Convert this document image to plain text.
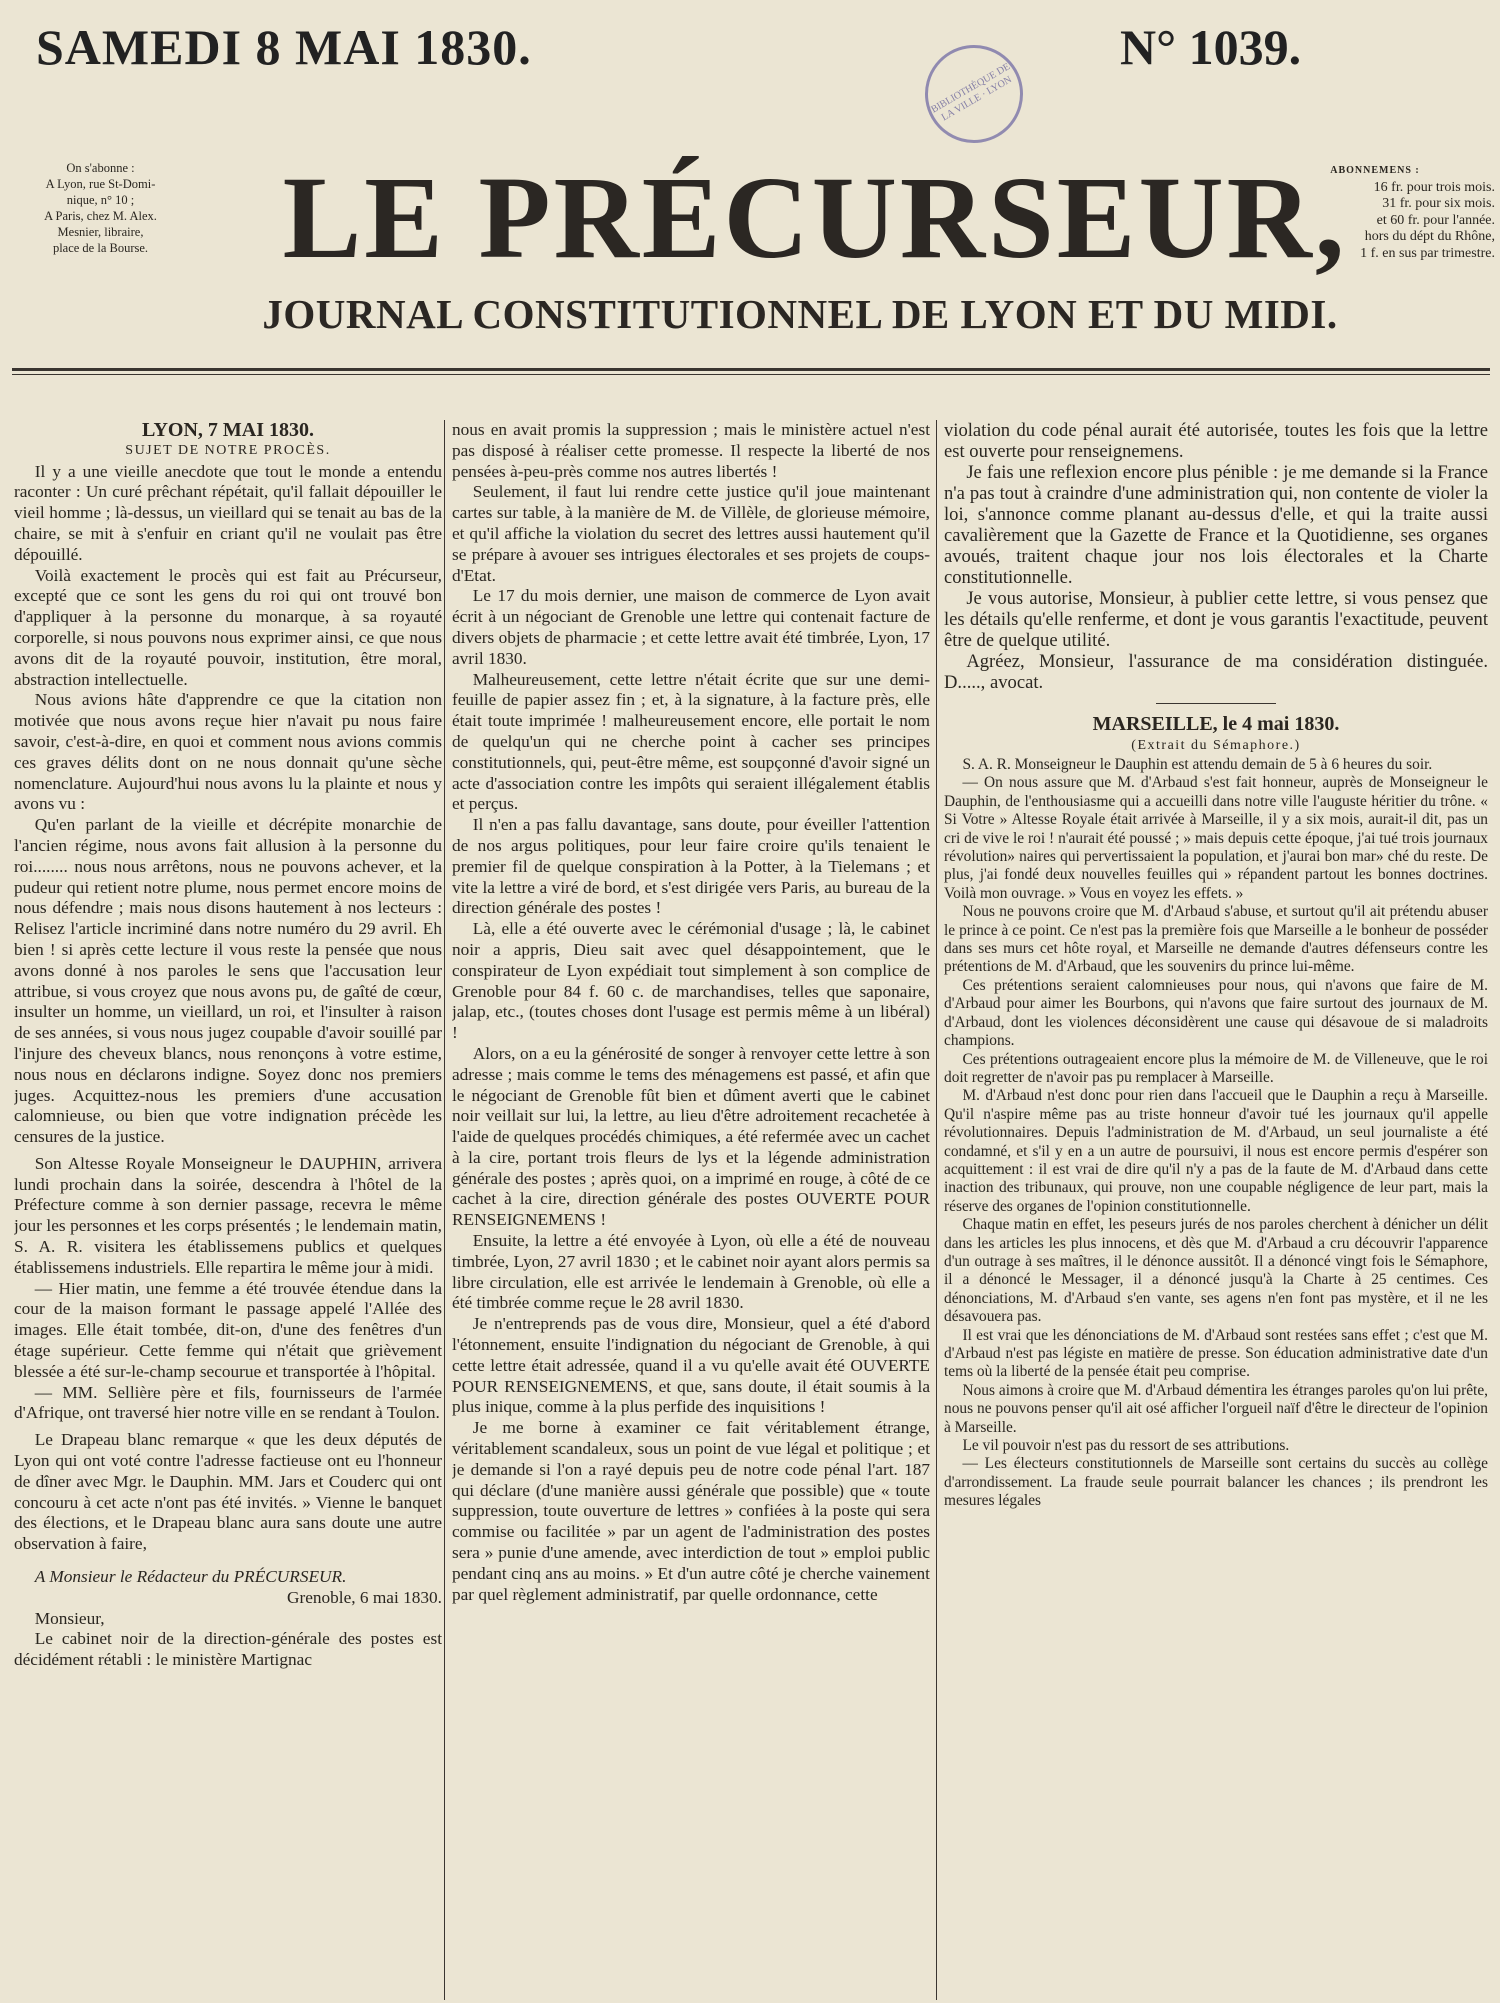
SAMEDI 8 MAI 1830.	N° 1039.
BIBLIOTHÈQUE DE LA VILLE · LYON
On s'abonne :
A Lyon, rue St-Domi-
nique, n° 10 ;
A Paris, chez M. Alex.
Mesnier, libraire,
place de la Bourse.	LE PRÉCURSEUR,
ABONNEMENS :
16 fr. pour trois mois.
31 fr. pour six mois.
et 60 fr. pour l'année.
hors du dépt du Rhône,
1 f. en sus par trimestre.
JOURNAL CONSTITUTIONNEL DE LYON ET DU MIDI.

LYON, 7 MAI 1830.

SUJET DE NOTRE PROCÈS.

Il y a une vieille anecdote que tout le monde a entendu raconter : Un curé prêchant répétait, qu'il fallait dépouiller le vieil homme ; là-dessus, un vieillard qui se tenait au bas de la chaire, se mit à s'enfuir en criant qu'il ne voulait pas être dépouillé.

Voilà exactement le procès qui est fait au Précurseur, excepté que ce sont les gens du roi qui ont trouvé bon d'appliquer à la personne du monarque, à sa royauté corporelle, si nous pouvons nous exprimer ainsi, ce que nous avons dit de la royauté pouvoir, institution, être moral, abstraction intellectuelle.

Nous avions hâte d'apprendre ce que la citation non motivée que nous avons reçue hier n'avait pu nous faire savoir, c'est-à-dire, en quoi et comment nous avions commis ces graves délits dont on ne nous donnait qu'une sèche nomenclature. Aujourd'hui nous avons lu la plainte et nous y avons vu :

Qu'en parlant de la vieille et décrépite monarchie de l'ancien régime, nous avons fait allusion à la personne du roi........ nous nous arrêtons, nous ne pouvons achever, et la pudeur qui retient notre plume, nous permet encore moins de nous défendre ; mais nous disons hautement à nos lecteurs : Relisez l'article incriminé dans notre numéro du 29 avril. Eh bien ! si après cette lecture il vous reste la pensée que nous avons donné à nos paroles le sens que l'accusation leur attribue, si vous croyez que nous avons pu, de gaîté de cœur, insulter un homme, un vieillard, un roi, et l'insulter à raison de ses années, si vous nous jugez coupable d'avoir souillé par l'injure des cheveux blancs, nous renonçons à votre estime, nous nous en déclarons indigne. Soyez donc nos premiers juges. Acquittez-nous les premiers d'une accusation calomnieuse, ou bien que votre indignation précède les censures de la justice.

Son Altesse Royale Monseigneur le DAUPHIN, arrivera lundi prochain dans la soirée, descendra à l'hôtel de la Préfecture comme à son dernier passage, recevra le même jour les personnes et les corps présentés ; le lendemain matin, S. A. R. visitera les établissemens publics et quelques établissemens industriels. Elle repartira le même jour à midi.

— Hier matin, une femme a été trouvée étendue dans la cour de la maison formant le passage appelé l'Allée des images. Elle était tombée, dit-on, d'une des fenêtres d'un étage supérieur. Cette femme qui n'était que grièvement blessée a été sur-le-champ secourue et transportée à l'hôpital.

— MM. Sellière père et fils, fournisseurs de l'armée d'Afrique, ont traversé hier notre ville en se rendant à Toulon.

Le Drapeau blanc remarque « que les deux députés de Lyon qui ont voté contre l'adresse factieuse ont eu l'honneur de dîner avec Mgr. le Dauphin. MM. Jars et Couderc qui ont concouru à cet acte n'ont pas été invités. » Vienne le banquet des élections, et le Drapeau blanc aura sans doute une autre observation à faire,

A Monsieur le Rédacteur du PRÉCURSEUR.

Grenoble, 6 mai 1830.

Monsieur,

Le cabinet noir de la direction-générale des postes est décidément rétabli : le ministère Martignac

nous en avait promis la suppression ; mais le ministère actuel n'est pas disposé à réaliser cette promesse. Il respecte la liberté de nos pensées à-peu-près comme nos autres libertés !

Seulement, il faut lui rendre cette justice qu'il joue maintenant cartes sur table, à la manière de M. de Villèle, de glorieuse mémoire, et qu'il affiche la violation du secret des lettres aussi hautement qu'il se prépare à avouer ses intrigues électorales et ses projets de coups-d'Etat.

Le 17 du mois dernier, une maison de commerce de Lyon avait écrit à un négociant de Grenoble une lettre qui contenait facture de divers objets de pharmacie ; et cette lettre avait été timbrée, Lyon, 17 avril 1830.

Malheureusement, cette lettre n'était écrite que sur une demi-feuille de papier assez fin ; et, à la signature, à la facture près, elle était toute imprimée ! malheureusement encore, elle portait le nom de quelqu'un qui ne cherche point à cacher ses principes constitutionnels, qui, peut-être même, est soupçonné d'avoir signé un acte d'association contre les impôts qui seraient illégalement établis et perçus.

Il n'en a pas fallu davantage, sans doute, pour éveiller l'attention de nos argus politiques, pour leur faire croire qu'ils tenaient le premier fil de quelque conspiration à la Potter, à la Tielemans ; et vite la lettre a viré de bord, et s'est dirigée vers Paris, au bureau de la direction générale des postes !

Là, elle a été ouverte avec le cérémonial d'usage ; là, le cabinet noir a appris, Dieu sait avec quel désappointement, que le conspirateur de Lyon expédiait tout simplement à son complice de Grenoble pour 84 f. 60 c. de marchandises, telles que saponaire, jalap, etc., (toutes choses dont l'usage est permis même à un libéral) !

Alors, on a eu la générosité de songer à renvoyer cette lettre à son adresse ; mais comme le tems des ménagemens est passé, et afin que le négociant de Grenoble fût bien et dûment averti que le cabinet noir veillait sur lui, la lettre, au lieu d'être adroitement recachetée à l'aide de quelques procédés chimiques, a été refermée avec un cachet à la cire, portant trois fleurs de lys et la légende administration générale des postes ; après quoi, on a imprimé en rouge, à côté de ce cachet à la cire, direction générale des postes OUVERTE POUR RENSEIGNEMENS !

Ensuite, la lettre a été envoyée à Lyon, où elle a été de nouveau timbrée, Lyon, 27 avril 1830 ; et le cabinet noir ayant alors permis sa libre circulation, elle est arrivée le lendemain à Grenoble, où elle a été timbrée comme reçue le 28 avril 1830.

Je n'entreprends pas de vous dire, Monsieur, quel a été d'abord l'étonnement, ensuite l'indignation du négociant de Grenoble, à qui cette lettre était adressée, quand il a vu qu'elle avait été OUVERTE POUR RENSEIGNEMENS, et que, sans doute, il était soumis à la plus inique, comme à la plus perfide des inquisitions !

Je me borne à examiner ce fait véritablement étrange, véritablement scandaleux, sous un point de vue légal et politique ; et je demande si l'on a rayé depuis peu de notre code pénal l'art. 187 qui déclare (d'une manière aussi générale que possible) que « toute suppression, toute ouverture de lettres » confiées à la poste qui sera commise ou facilitée » par un agent de l'administration des postes sera » punie d'une amende, avec interdiction de tout » emploi public pendant cinq ans au moins. » Et d'un autre côté je cherche vainement par quel règlement administratif, par quelle ordonnance, cette

violation du code pénal aurait été autorisée, toutes les fois que la lettre est ouverte pour renseignemens.

Je fais une reflexion encore plus pénible : je me demande si la France n'a pas tout à craindre d'une administration qui, non contente de violer la loi, s'annonce comme planant au-dessus d'elle, et qui la traite aussi cavalièrement que la Gazette de France et la Quotidienne, ses organes avoués, traitent chaque jour nos lois électorales et la Charte constitutionnelle.

Je vous autorise, Monsieur, à publier cette lettre, si vous pensez que les détails qu'elle renferme, et dont je vous garantis l'exactitude, peuvent être de quelque utilité.

Agréez, Monsieur, l'assurance de ma considération distinguée.          D....., avocat.

MARSEILLE, le 4 mai 1830.

(Extrait du Sémaphore.)

S. A. R. Monseigneur le Dauphin est attendu demain de 5 à 6 heures du soir.

— On nous assure que M. d'Arbaud s'est fait honneur, auprès de Monseigneur le Dauphin, de l'enthousiasme qui a accueilli dans notre ville l'auguste héritier du trône. « Si Votre » Altesse Royale était arrivée à Marseille, il y a six mois, aurait-il dit, pas un cri de vive le roi ! n'aurait été poussé ; » mais depuis cette époque, j'ai tué trois journaux révolution» naires qui pervertissaient la population, et j'aurai bon mar» ché du reste. De plus, j'ai fondé deux nouvelles feuilles qui » répandent partout les bonnes doctrines. Voilà mon ouvrage. » Vous en voyez les effets. »

Nous ne pouvons croire que M. d'Arbaud s'abuse, et surtout qu'il ait prétendu abuser le prince à ce point. Ce n'est pas la première fois que Marseille a le bonheur de posséder dans ses murs cet hôte royal, et Marseille ne demande d'autres défenseurs contre les prétentions de M. d'Arbaud, que les souvenirs du prince lui-même.

Ces prétentions seraient calomnieuses pour nous, qui n'avons que faire de M. d'Arbaud pour aimer les Bourbons, qui n'avons que faire surtout des journaux de M. d'Arbaud, dont les violences déconsidèrent une cause qui désavoue de si maladroits champions.

Ces prétentions outrageaient encore plus la mémoire de M. de Villeneuve, que le roi doit regretter de n'avoir pas pu remplacer à Marseille.

M. d'Arbaud n'est donc pour rien dans l'accueil que le Dauphin a reçu à Marseille. Qu'il n'aspire même pas au triste honneur d'avoir tué les journaux qu'il appelle révolutionnaires. Depuis l'administration de M. d'Arbaud, un seul journaliste a été condamné, et s'il y en a un autre de poursuivi, il nous est encore permis d'espérer son acquittement : il est vrai de dire qu'il n'y a pas de la faute de M. d'Arbaud dans cette inaction des tribunaux, qui prouve, non une coupable négligence de leur part, mais la réserve des organes de l'opinion constitutionnelle.

Chaque matin en effet, les peseurs jurés de nos paroles cherchent à dénicher un délit dans les articles les plus innocens, et dès que M. d'Arbaud a cru découvrir l'apparence d'un outrage à ses maîtres, il le dénonce aussitôt. Il a dénoncé vingt fois le Sémaphore, il a dénoncé le Messager, il a dénoncé jusqu'à la Charte à 25 centimes. Ces dénonciations, M. d'Arbaud s'en vante, ses agens n'en font pas mystère, et il ne les désavouera pas.

Il est vrai que les dénonciations de M. d'Arbaud sont restées sans effet ; c'est que M. d'Arbaud n'est pas légiste en matière de presse. Son éducation administrative date d'un tems où la liberté de la pensée était peu comprise.

Nous aimons à croire que M. d'Arbaud démentira les étranges paroles qu'on lui prête, nous ne pouvons penser qu'il ait osé afficher l'orgueil naïf d'être le directeur de l'opinion à Marseille.

Le vil pouvoir n'est pas du ressort de ses attributions.

— Les électeurs constitutionnels de Marseille sont certains du succès au collège d'arrondissement. La fraude seule pourrait balancer les chances ; ils prendront les mesures légales
